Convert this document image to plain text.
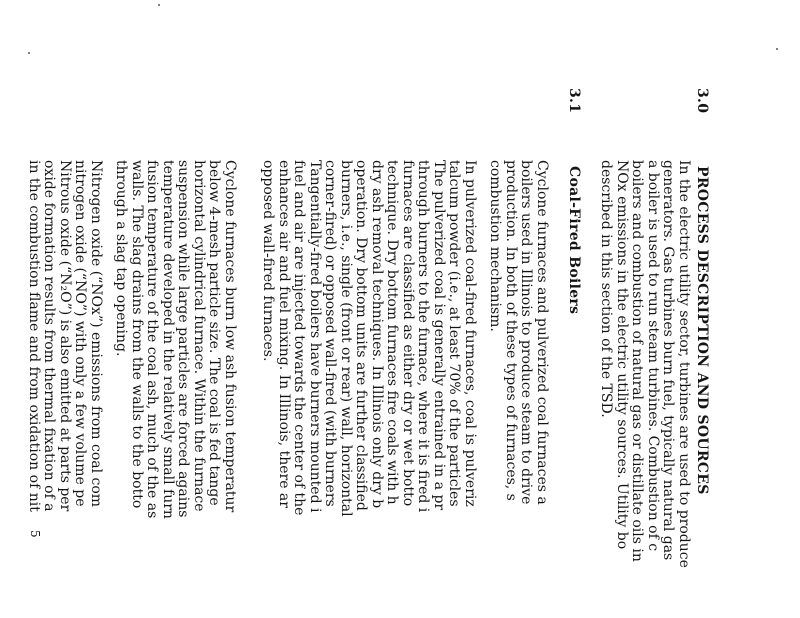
3.0PROCESS DESCRIPTION AND SOURCES
In the electric utility sector, turbines are used to produce
generators. Gas turbines burn fuel, typically natural gas
a boiler is used to run steam turbines. Combustion of c
boilers and combustion of natural gas or distillate oils in
NOx emissions in the electric utility sources. Utility bo
described in this section of the TSD.
3.1Coal-Fired Boilers
Cyclone furnaces and pulverized coal furnaces a
boilers used in Illinois to produce steam to drive
production. In both of these types of furnaces, s
combustion mechanism.
In pulverized coal-fired furnaces, coal is pulveriz
talcum powder (i.e., at least 70% of the particles
The pulverized coal is generally entrained in a pr
through burners to the furnace, where it is fired i
furnaces are classified as either dry or wet botto
technique. Dry bottom furnaces fire coals with h
dry ash removal techniques. In Illinois only dry b
operation. Dry bottom units are further classified
burners, i.e., single (front or rear) wall, horizontal
corner-fired) or opposed wall-fired (with burners
Tangentially-fired boilers have burners mounted i
fuel and air are injected towards the center of the
enhances air and fuel mixing. In Illinois, there ar
opposed wall-fired furnaces.
Cyclone furnaces burn low ash fusion temperatur
below 4-mesh particle size. The coal is fed tange
horizontal cylindrical furnace. Within the furnace
suspension while large particles are forced agains
temperature developed in the relatively small furn
fusion temperature of the coal ash, much of the as
walls. The slag drains from the walls to the botto
through a slag tap opening.
Nitrogen oxide (“NOx”) emissions from coal com
nitrogen oxide (“NO”) with only a few volume pe
Nitrous oxide (“N₂O”) is also emitted at parts per
oxide formation results from thermal fixation of a
in the combustion flame and from oxidation of nit
5
